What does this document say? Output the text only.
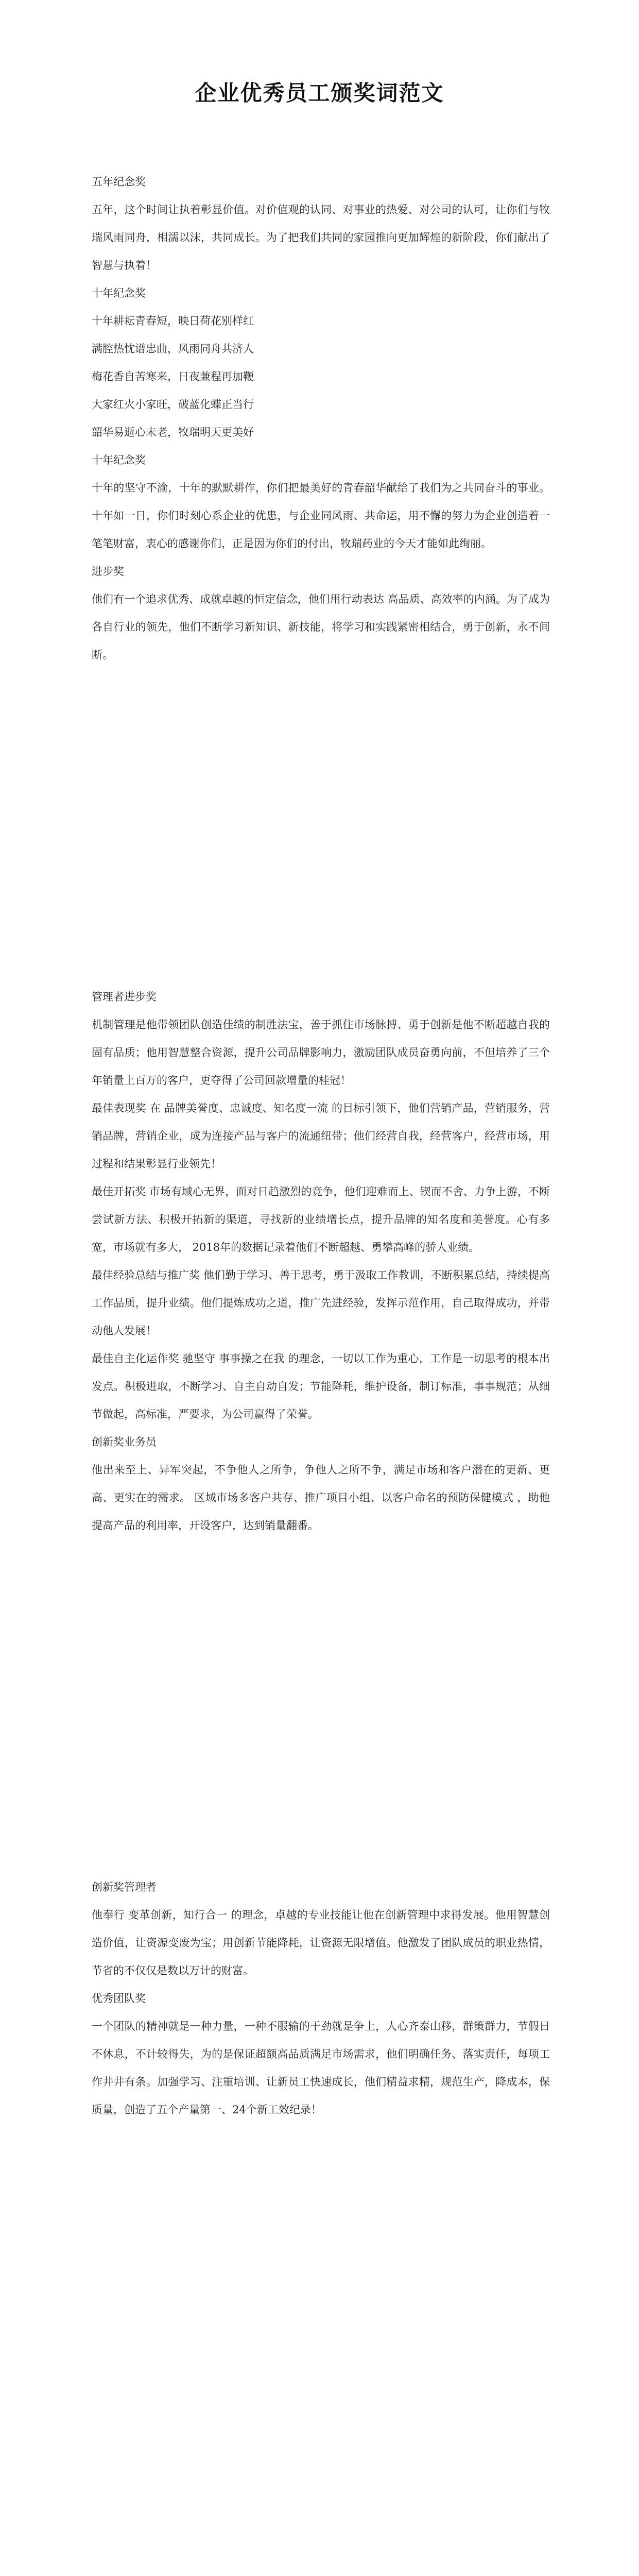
企业优秀员工颁奖词范文
五年纪念奖
五年，这个时间让执着彰显价值。对价值观的认同、对事业的热爱、对公司的认可，让你们与牧瑞风雨同舟，相濡以沫，共同成长。为了把我们共同的家园推向更加辉煌的新阶段，你们献出了智慧与执着！
十年纪念奖
十年耕耘青春短，映日荷花别样红
满腔热忱谱忠曲，风雨同舟共济人
梅花香自苦寒来，日夜兼程再加鞭
大家红火小家旺，破蓝化蝶正当行
韶华易逝心未老，牧瑞明天更美好
十年纪念奖
十年的坚守不渝，十年的默默耕作，你们把最美好的青春韶华献给了我们为之共同奋斗的事业。十年如一日，你们时刻心系企业的优患，与企业同风雨、共命运，用不懈的努力为企业创造着一笔笔财富，衷心的感谢你们，正是因为你们的付出，牧瑞药业的今天才能如此绚丽。
进步奖
他们有一个追求优秀、成就卓越的恒定信念，他们用行动表达 高品质、高效率的内涵。为了成为各自行业的领先，他们不断学习新知识、新技能，将学习和实践紧密相结合，勇于创新，永不间断。
管理者进步奖
机制管理是他带领团队创造佳绩的制胜法宝，善于抓住市场脉搏、勇于创新是他不断超越自我的固有品质；他用智慧整合资源，提升公司品牌影响力，激励团队成员奋勇向前，不但培养了三个年销量上百万的客户，更夺得了公司回款增量的桂冠！
最佳表现奖 在 品牌美誉度、忠诚度、知名度一流 的目标引领下，他们营销产品，营销服务，营销品牌，营销企业，成为连接产品与客户的流通纽带；他们经营自我，经营客户，经营市场，用过程和结果彰显行业领先！
最佳开拓奖 市场有域心无界，面对日趋激烈的竞争，他们迎难而上、锲而不舍、力争上游，不断尝试新方法、积极开拓新的渠道，寻找新的业绩增长点，提升品牌的知名度和美誉度。心有多宽，市场就有多大， 2018年的数据记录着他们不断超越、勇攀高峰的骄人业绩。
最佳经验总结与推广奖 他们勤于学习、善于思考，勇于汲取工作教训，不断积累总结，持续提高工作品质，提升业绩。他们提炼成功之道，推广先进经验，发挥示范作用，自己取得成功，并带动他人发展！
最佳自主化运作奖 驰坚守 事事操之在我 的理念，一切以工作为重心，工作是一切思考的根本出发点。积极进取，不断学习、自主自动自发；节能降耗，维护设备，制订标准，事事规范；从细节做起，高标准，严要求，为公司赢得了荣誉。
创新奖业务员
他出来至上、异军突起，不争他人之所争，争他人之所不争，满足市场和客户潜在的更新、更高、更实在的需求。 区域市场多客户共存、推广项目小组、以客户命名的预防保健模式 ，助他提高产品的利用率，开设客户，达到销量翻番。
创新奖管理者
他奉行 变革创新，知行合一 的理念，卓越的专业技能让他在创新管理中求得发展。他用智慧创造价值，让资源变废为宝；用创新节能降耗，让资源无限增值。他激发了团队成员的职业热情，节省的不仅仅是数以万计的财富。
优秀团队奖
一个团队的精神就是一种力量，一种不服输的干劲就是争上，人心齐泰山移，群策群力，节假日不休息，不计较得失，为的是保证超额高品质满足市场需求，他们明确任务、落实责任，每项工作井井有条。加强学习、注重培训、让新员工快速成长，他们精益求精，规范生产，降成本，保质量，创造了五个产量第一、24个新工效纪录！
